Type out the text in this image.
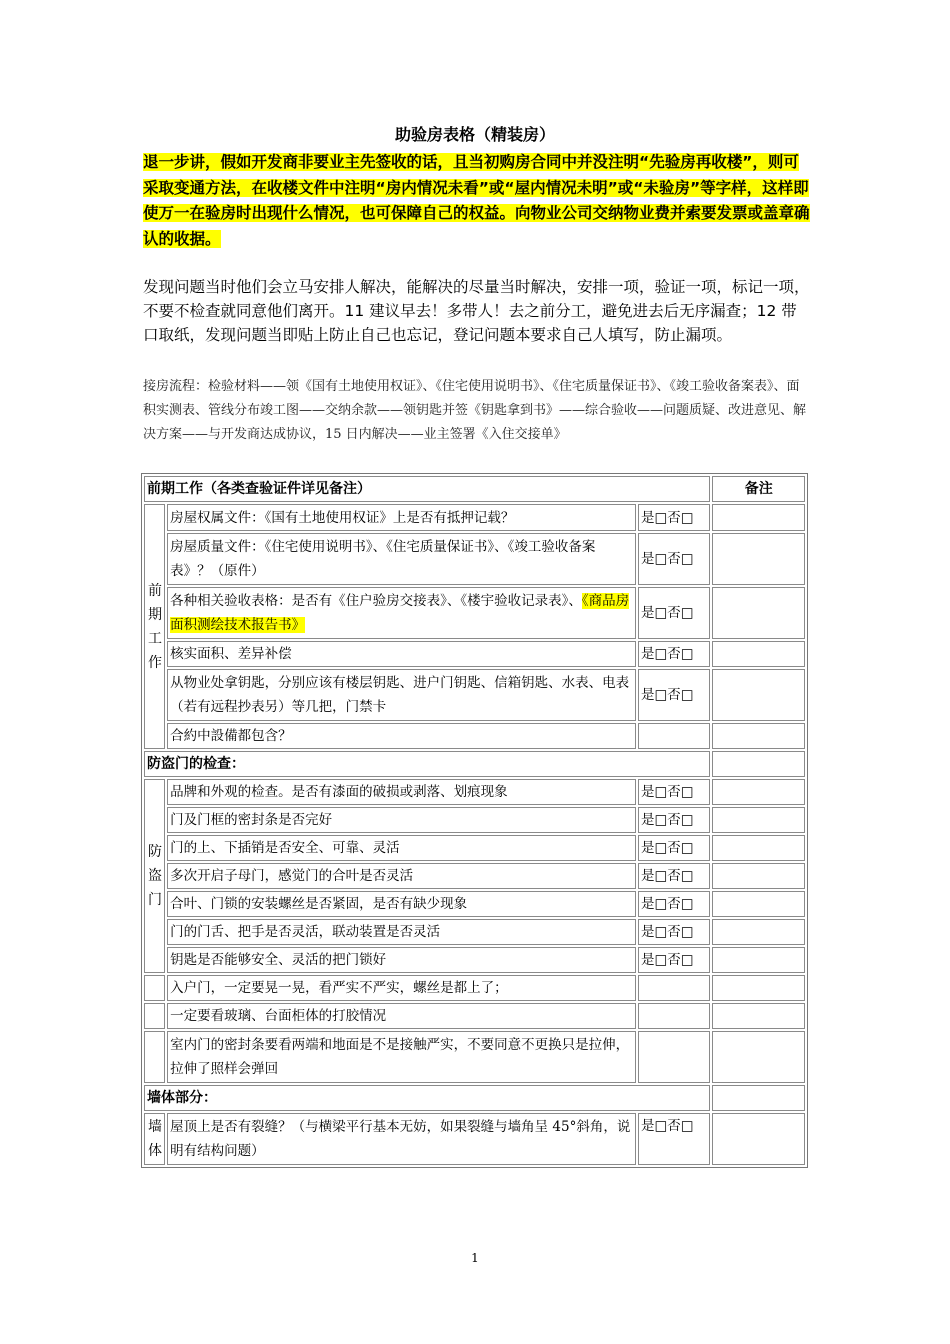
助验房表格（精装房）
退一步讲，假如开发商非要业主先签收的话，且当初购房合同中并没注明“先验房再收楼”，则可采取变通方法，在收楼文件中注明“房内情况未看”或“屋内情况未明”或“未验房”等字样，这样即使万一在验房时出现什么情况，也可保障自己的权益。向物业公司交纳物业费并索要发票或盖章确认的收据。
发现问题当时他们会立马安排人解决，能解决的尽量当时解决，安排一项，验证一项，标记一项，不要不检查就同意他们离开。11 建议早去！多带人！去之前分工，避免进去后无序漏查；12 带口取纸，发现问题当即贴上防止自己也忘记，登记问题本要求自己人填写，防止漏项。
接房流程：检验材料——领《国有土地使用权证》、《住宅使用说明书》、《住宅质量保证书》、《竣工验收备案表》、面积实测表、管线分布竣工图——交纳余款——领钥匙并签《钥匙拿到书》——综合验收——问题质疑、改进意见、解决方案——与开发商达成协议，15 日内解决——业主签署《入住交接单》
前期工作（各类查验证件详见备注）			备注

前期工作	房屋权属文件：《国有土地使用权证》上是否有抵押记载？	是□否□	
	房屋质量文件：《住宅使用说明书》、《住宅质量保证书》、《竣工验收备案表》？（原件）	是□否□	
	各种相关验收表格：是否有《住户验房交接表》、《楼宇验收记录表》、《商品房面积测绘技术报告书》	是□否□	
	核实面积、差异补偿	是□否□	
	从物业处拿钥匙，分别应该有楼层钥匙、进户门钥匙、信箱钥匙、水表、电表（若有远程抄表另）等几把，门禁卡	是□否□	
	合約中設備都包含？		
防盗门的检查：			

防盗门	品牌和外观的检查。是否有漆面的破损或剥落、划痕现象	是□否□	
	门及门框的密封条是否完好	是□否□	
	门的上、下插销是否安全、可靠、灵活	是□否□	
	多次开启子母门，感觉门的合叶是否灵活	是□否□	
	合叶、门锁的安装螺丝是否紧固，是否有缺少现象	是□否□	
	门的门舌、把手是否灵活，联动装置是否灵活	是□否□	
	钥匙是否能够安全、灵活的把门锁好	是□否□	
	入户门，一定要晃一晃，看严实不严实，螺丝是都上了；		
	一定要看玻璃、台面柜体的打胶情况		
	室内门的密封条要看两端和地面是不是接触严实，不要同意不更换只是拉伸，拉伸了照样会弹回		
墙体部分：			

墙体	屋顶上是否有裂缝？（与横梁平行基本无妨，如果裂缝与墙角呈 45°斜角，说明有结构问题）	是□否□	
1
